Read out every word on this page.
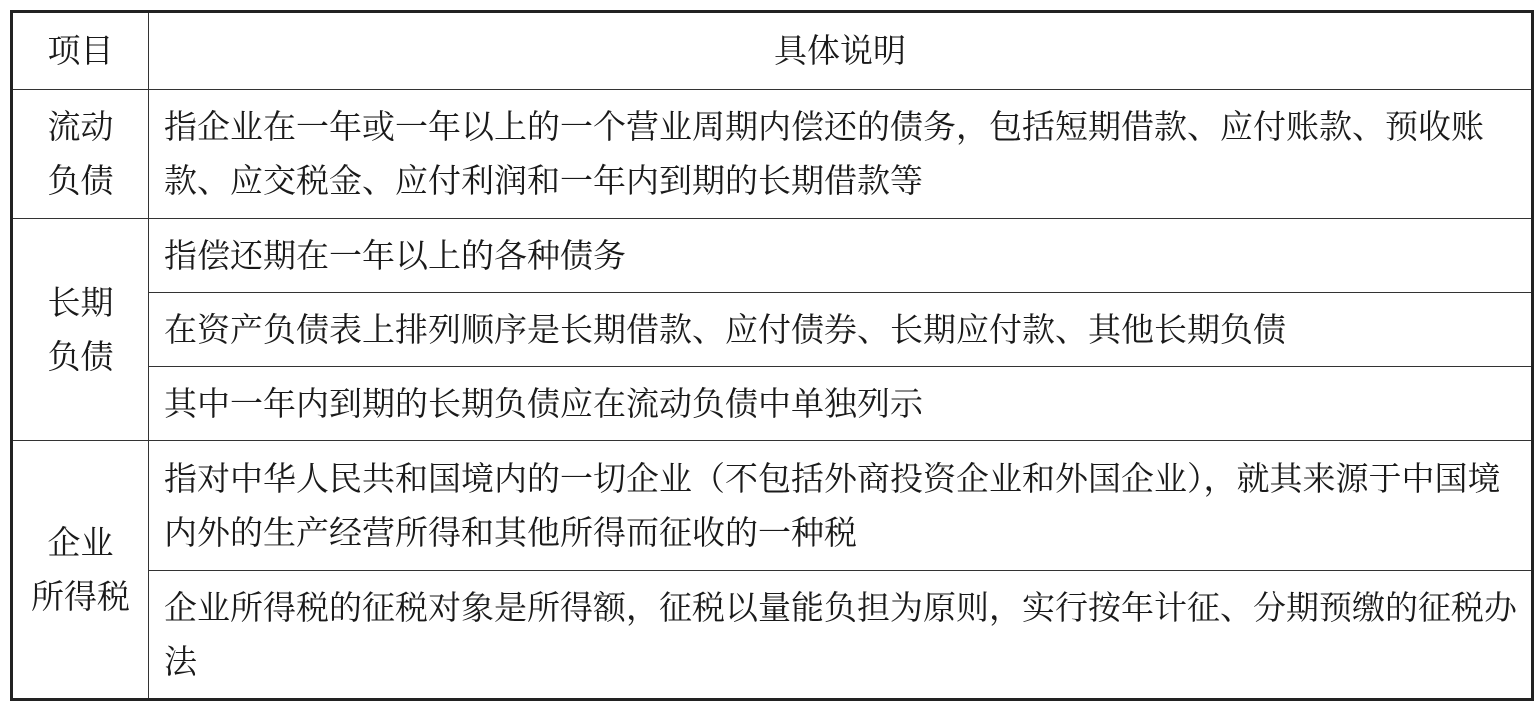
项目	具体说明
流动
负债	指企业在一年或一年以上的一个营业周期内偿还的债务，包括短期借款、应付账款、预收账款、应交税金、应付利润和一年内到期的长期借款等
长期
负债	指偿还期在一年以上的各种债务
	在资产负债表上排列顺序是长期借款、应付债券、长期应付款、其他长期负债
	其中一年内到期的长期负债应在流动负债中单独列示
企业
所得税	指对中华人民共和国境内的一切企业（不包括外商投资企业和外国企业），就其来源于中国境内外的生产经营所得和其他所得而征收的一种税
	企业所得税的征税对象是所得额，征税以量能负担为原则，实行按年计征、分期预缴的征税办法
